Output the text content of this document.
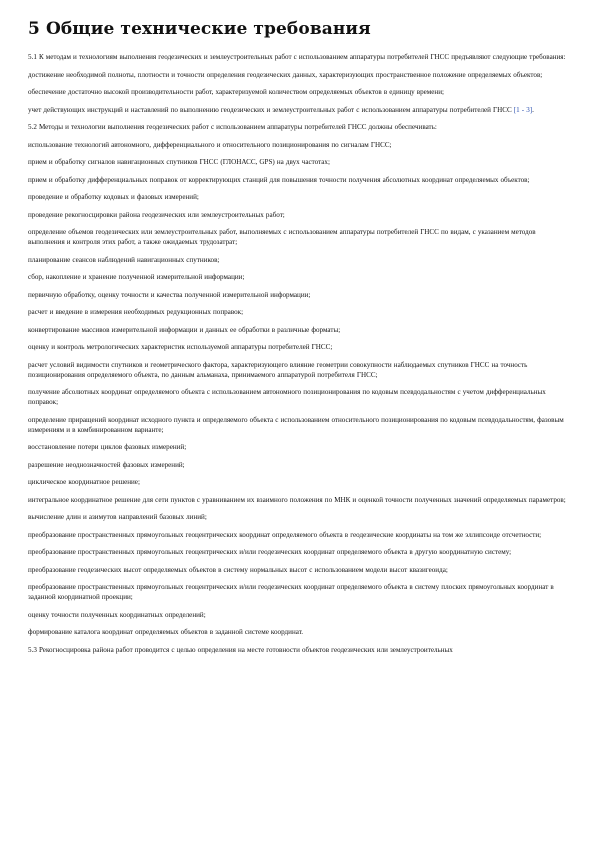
5 Общие технические требования
5.1 К методам и технологиям выполнения геодезических и землеустроительных работ с использованием аппаратуры потребителей ГНСС предъявляют следующие требования:
достижение необходимой полноты, плотности и точности определения геодезических данных, характеризующих пространственное положение определяемых объектов;
обеспечение достаточно высокой производительности работ, характеризуемой количеством определяемых объектов в единицу времени;
учет действующих инструкций и наставлений по выполнению геодезических и землеустроительных работ с использованием аппаратуры потребителей ГНСС [1 - 3].
5.2 Методы и технологии выполнения геодезических работ с использованием аппаратуры потребителей ГНСС должны обеспечивать:
использование технологий автономного, дифференциального и относительного позиционирования по сигналам ГНСС;
прием и обработку сигналов навигационных спутников ГНСС (ГЛОНАСС, GPS) на двух частотах;
прием и обработку дифференциальных поправок от корректирующих станций для повышения точности получения абсолютных координат определяемых объектов;
проведение и обработку кодовых и фазовых измерений;
проведение рекогносцировки района геодезических или землеустроительных работ;
определение объемов геодезических или землеустроительных работ, выполняемых с использованием аппаратуры потребителей ГНСС по видам, с указанием методов выполнения и контроля этих работ, а также ожидаемых трудозатрат;
планирование сеансов наблюдений навигационных спутников;
сбор, накопление и хранение полученной измерительной информации;
первичную обработку, оценку точности и качества полученной измерительной информации;
расчет и введение в измерения необходимых редукционных поправок;
конвертирование массивов измерительной информации и данных ее обработки в различные форматы;
оценку и контроль метрологических характеристик используемой аппаратуры потребителей ГНСС;
расчет условий видимости спутников и геометрического фактора, характеризующего влияние геометрии совокупности наблюдаемых спутников ГНСС на точность позиционирования определяемого объекта, по данным альманаха, принимаемого аппаратурой потребителя ГНСС;
получение абсолютных координат определяемого объекта с использованием автономного позиционирования по кодовым псевдодальностям с учетом дифференциальных поправок;
определение приращений координат исходного пункта и определяемого объекта с использованием относительного позиционирования по кодовым псевдодальностям, фазовым измерениям и в комбинированном варианте;
восстановление потери циклов фазовых измерений;
разрешение неоднозначностей фазовых измерений;
циклическое координатное решение;
интегральное координатное решение для сети пунктов с уравниванием их взаимного положения по МНК и оценкой точности полученных значений определяемых параметров;
вычисление длин и азимутов направлений базовых линий;
преобразование пространственных прямоугольных геоцентрических координат определяемого объекта в геодезические координаты на том же эллипсоиде отсчетности;
преобразование пространственных прямоугольных геоцентрических и/или геодезических координат определяемого объекта в другую координатную систему;
преобразование геодезических высот определяемых объектов в систему нормальных высот с использованием модели высот квазигеоида;
преобразование пространственных прямоугольных геоцентрических и/или геодезических координат определяемого объекта в систему плоских прямоугольных координат в заданной координатной проекции;
оценку точности полученных координатных определений;
формирование каталога координат определяемых объектов в заданной системе координат.
5.3 Рекогносцировка района работ проводится с целью определения на месте готовности объектов геодезических или землеустроительных
